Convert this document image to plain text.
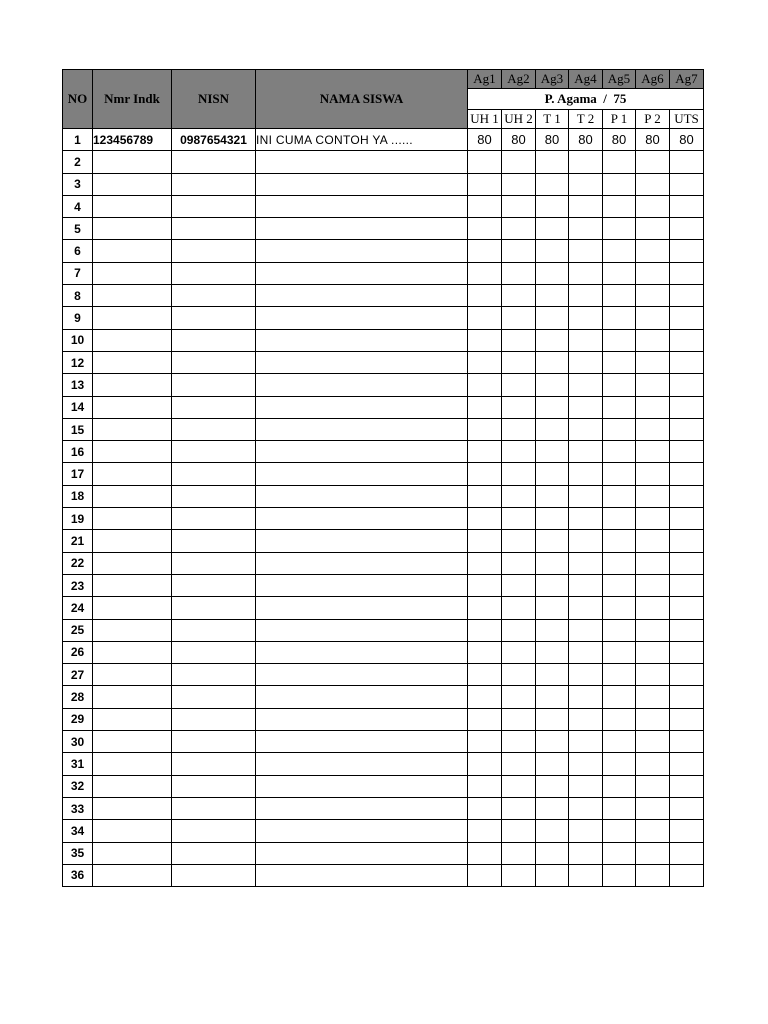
NO	Nmr Indk	NISN	NAMA SISWA	Ag1	Ag2	Ag3	Ag4	Ag5	Ag6	Ag7
				P. Agama  /  75						
				UH 1	UH 2	T 1	T 2	P 1	P 2	UTS
1	123456789	0987654321	INI CUMA CONTOH YA ......	80	80	80	80	80	80	80
2										
3										
4										
5										
6										
7										
8										
9										
10										
12										
13										
14										
15										
16										
17										
18										
19										
21										
22										
23										
24										
25										
26										
27										
28										
29										
30										
31										
32										
33										
34										
35										
36										
